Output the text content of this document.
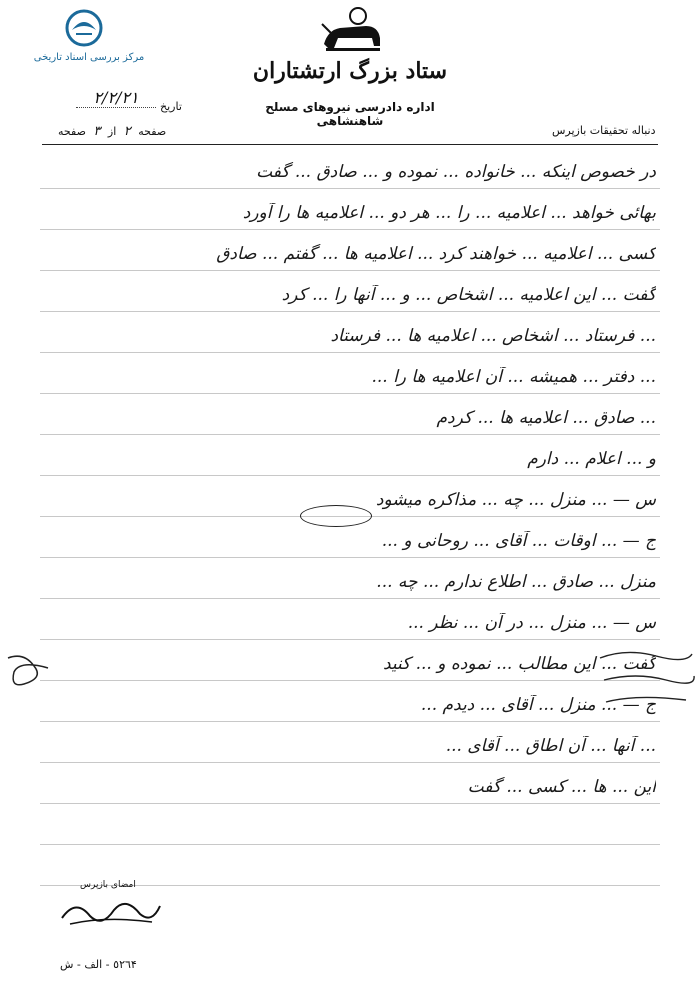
مرکز بررسی اسناد تاریخی
ستاد بزرگ ارتشتاران
اداره دادرسی نیروهای مسلح شاهنشاهی
۲/۲/۲۱	تاریخ
صفحه ۲ از ۳ صفحه	دنباله تحقیقات بازپرس
در خصوص اینکه ... خانواده ... نموده و ... صادق ... گفت
بهائی خواهد ... اعلامیه ... را ... هر دو ... اعلامیه ها را آورد
کسی ... اعلامیه ... خواهند کرد ... اعلامیه ها ... گفتم ... صادق
گفت ... این اعلامیه ... اشخاص ... و ... آنها را ... کرد
... فرستاد ... اشخاص ... اعلامیه ها ... فرستاد
... دفتر ... همیشه ... آن اعلامیه ها را ...
... صادق ... اعلامیه ها ... کردم
و ... اعلام ... دارم
س — ... منزل ... چه ... مذاکره میشود
ج — ... اوقات ... آقای ... روحانی و ...
منزل ... صادق ... اطلاع ندارم ... چه ...
س — ... منزل ... در آن ... نظر ...
گفت ... این مطالب ... نموده و ... کنید
ج — ... منزل ... آقای ... دیدم ...
... آنها ... آن اطاق ... آقای ...
این ... ها ... کسی ... گفت
امضای بازپرس
٥٢٦۴ - الف - ش
